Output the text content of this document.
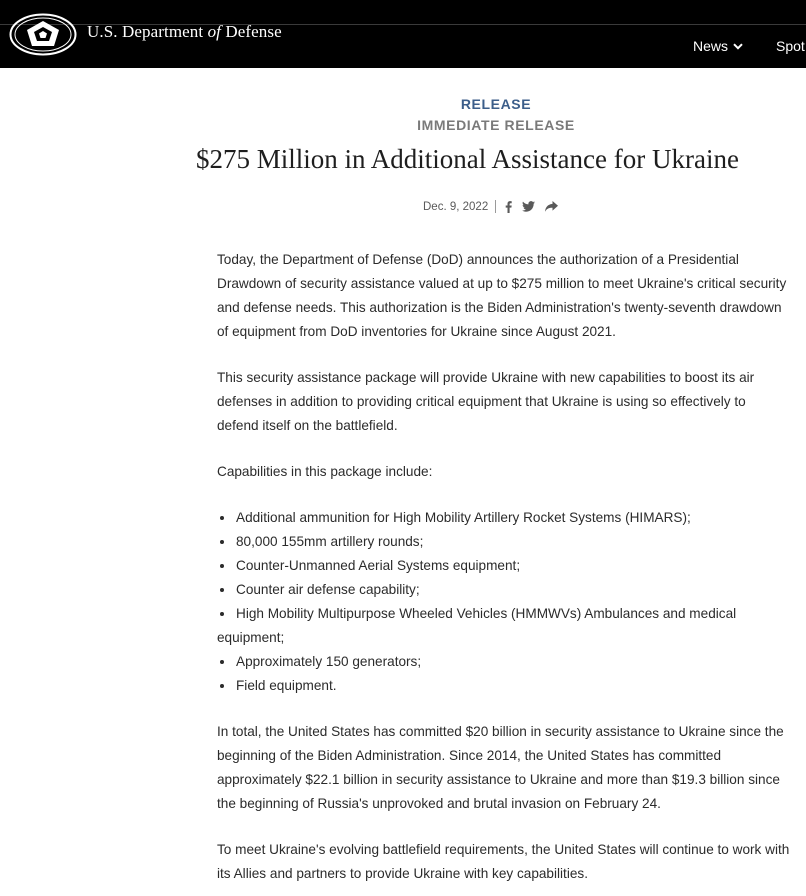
U.S. Department of Defense
News	Spot
RELEASE
IMMEDIATE RELEASE
$275 Million in Additional Assistance for Ukraine
Dec. 9, 2022

Today, the Department of Defense (DoD) announces the authorization of a Presidential Drawdown of security assistance valued at up to $275 million to meet Ukraine's critical security and defense needs. This authorization is the Biden Administration's twenty-seventh drawdown of equipment from DoD inventories for Ukraine since August 2021.

This security assistance package will provide Ukraine with new capabilities to boost its air defenses in addition to providing critical equipment that Ukraine is using so effectively to defend itself on the battlefield.

Capabilities in this package include:

Additional ammunition for High Mobility Artillery Rocket Systems (HIMARS);
80,000 155mm artillery rounds;
Counter-Unmanned Aerial Systems equipment;
Counter air defense capability;
High Mobility Multipurpose Wheeled Vehicles (HMMWVs) Ambulances and medical equipment;
Approximately 150 generators;
Field equipment.

In total, the United States has committed $20 billion in security assistance to Ukraine since the beginning of the Biden Administration. Since 2014, the United States has committed approximately $22.1 billion in security assistance to Ukraine and more than $19.3 billion since the beginning of Russia's unprovoked and brutal invasion on February 24.

To meet Ukraine's evolving battlefield requirements, the United States will continue to work with its Allies and partners to provide Ukraine with key capabilities.
